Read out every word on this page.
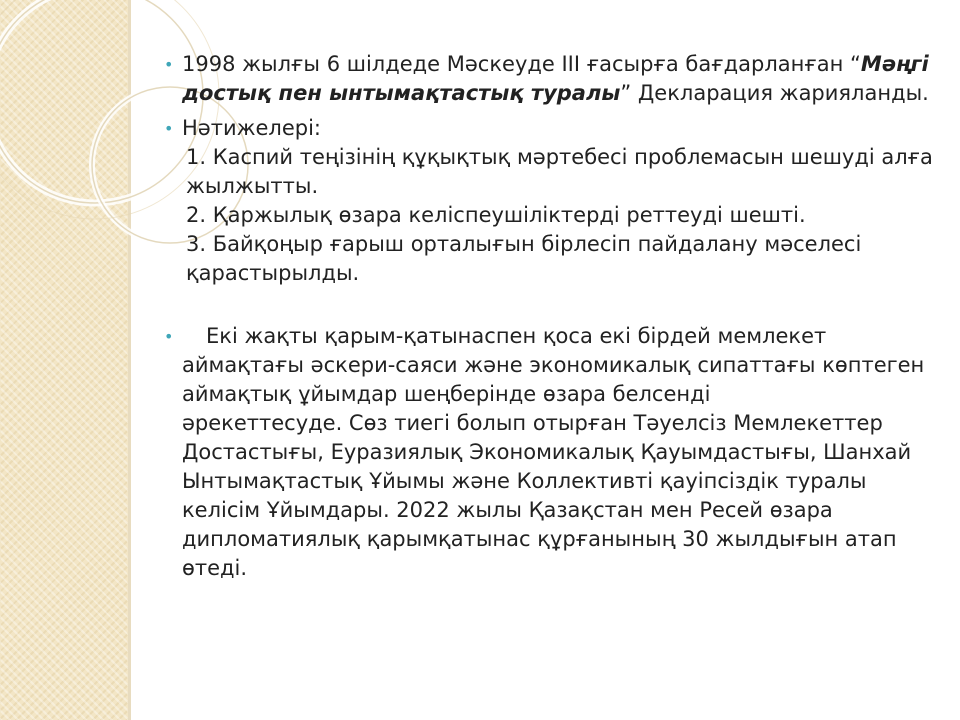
• 1998 жылғы 6 шілдеде Мәскеуде ІІІ ғасырға бағдарланған “Мәңгі достық пен ынтымақтастық туралы” Декларация жарияланды.

• Нәтижелері:

1. Каспий теңізінің құқықтық мәртебесі проблемасын шешуді алға жылжытты.

2. Қаржылық өзара келіспеушіліктерді реттеуді шешті.

3. Байқоңыр ғарыш орталығын бірлесіп пайдалану мәселесі қарастырылды.

•	Екі жақты қарым-қатынаспен қоса екі бірдей мемлекет аймақтағы әскери-саяси және экономикалық сипаттағы көптеген аймақтық ұйымдар шеңберінде өзара белсенді

әрекеттесуде. Сөз тиегі болып отырған Тәуелсіз Мемлекеттер Достастығы, Еуразиялық Экономикалық Қауымдастығы, Шанхай Ынтымақтастық Ұйымы және Коллективті қауіпсіздік туралы келісім Ұйымдары. 2022 жылы Қазақстан мен Ресей өзара дипломатиялық қарымқатынас құрғанының 30 жылдығын атап өтеді.
